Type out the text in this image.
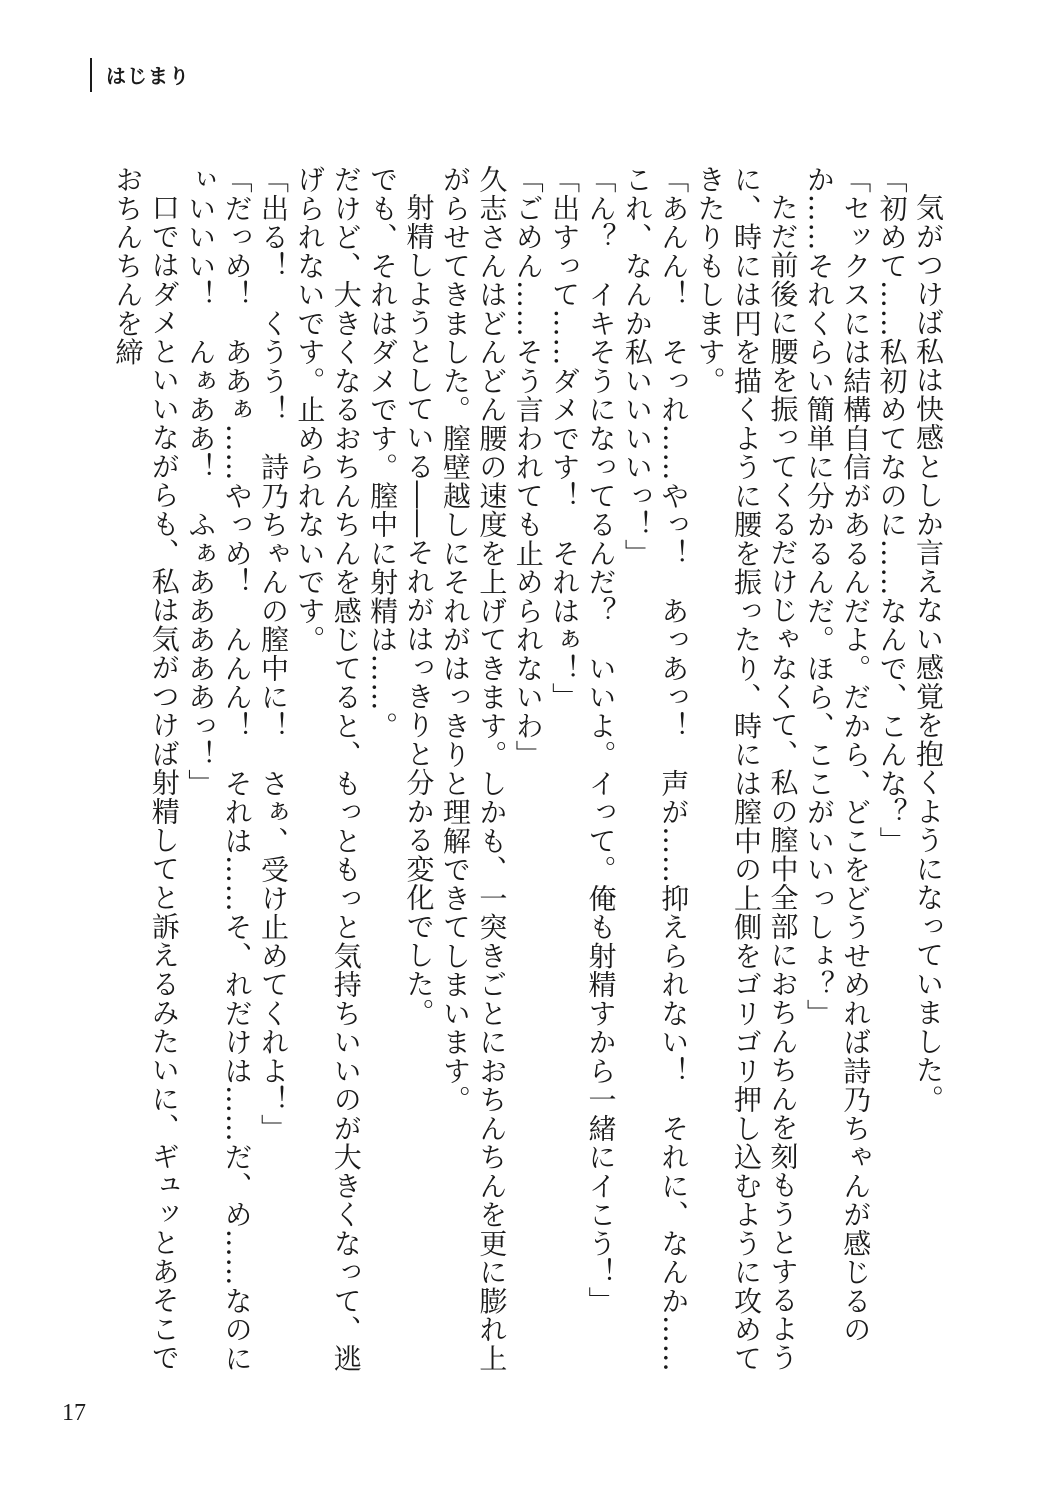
はじまり

気がつけば私は快感としか言えない感覚を抱くようになっていました。

「初めて……私初めてなのに……なんで、こんな？」

「セックスには結構自信があるんだよ。だから、どこをどうせめれば詩乃ちゃんが感じるのか……それくらい簡単に分かるんだ。ほら、ここがいいっしょ？」

ただ前後に腰を振ってくるだけじゃなくて、私の膣中全部におちんちんを刻もうとするように、時には円を描くように腰を振ったり、時には膣中の上側をゴリゴリ押し込むように攻めてきたりもします。

「あんん！　そっれ……やっ！　あっあっ！　声が……抑えられない！　それに、なんか……これ、なんか私いいいいっ！」

「ん？　イキそうになってるんだ？　いいよ。イって。俺も射精すから一緒にイこう！」

「出すって……ダメです！　それはぁ！」

「ごめん……そう言われても止められないわ」

久志さんはどんどん腰の速度を上げてきます。しかも、一突きごとにおちんちんを更に膨れ上がらせてきました。膣壁越しにそれがはっきりと理解できてしまいます。

射精しようとしている――それがはっきりと分かる変化でした。

でも、それはダメです。膣中に射精は……。

だけど、大きくなるおちんちんを感じてると、もっともっと気持ちいいのが大きくなって、逃げられないです。止められないです。

「出る！　くうう！　詩乃ちゃんの膣中に！　さぁ、受け止めてくれよ！」

「だっめ！　ああぁ……やっめ！　んんん！　それは……そ、れだけは……だ、め……なのにぃいいい！　んぁああ！　ふぁあああああっ！」

口ではダメといいながらも、私は気がつけば射精してと訴えるみたいに、ギュッとあそこでおちんちんを締

17
